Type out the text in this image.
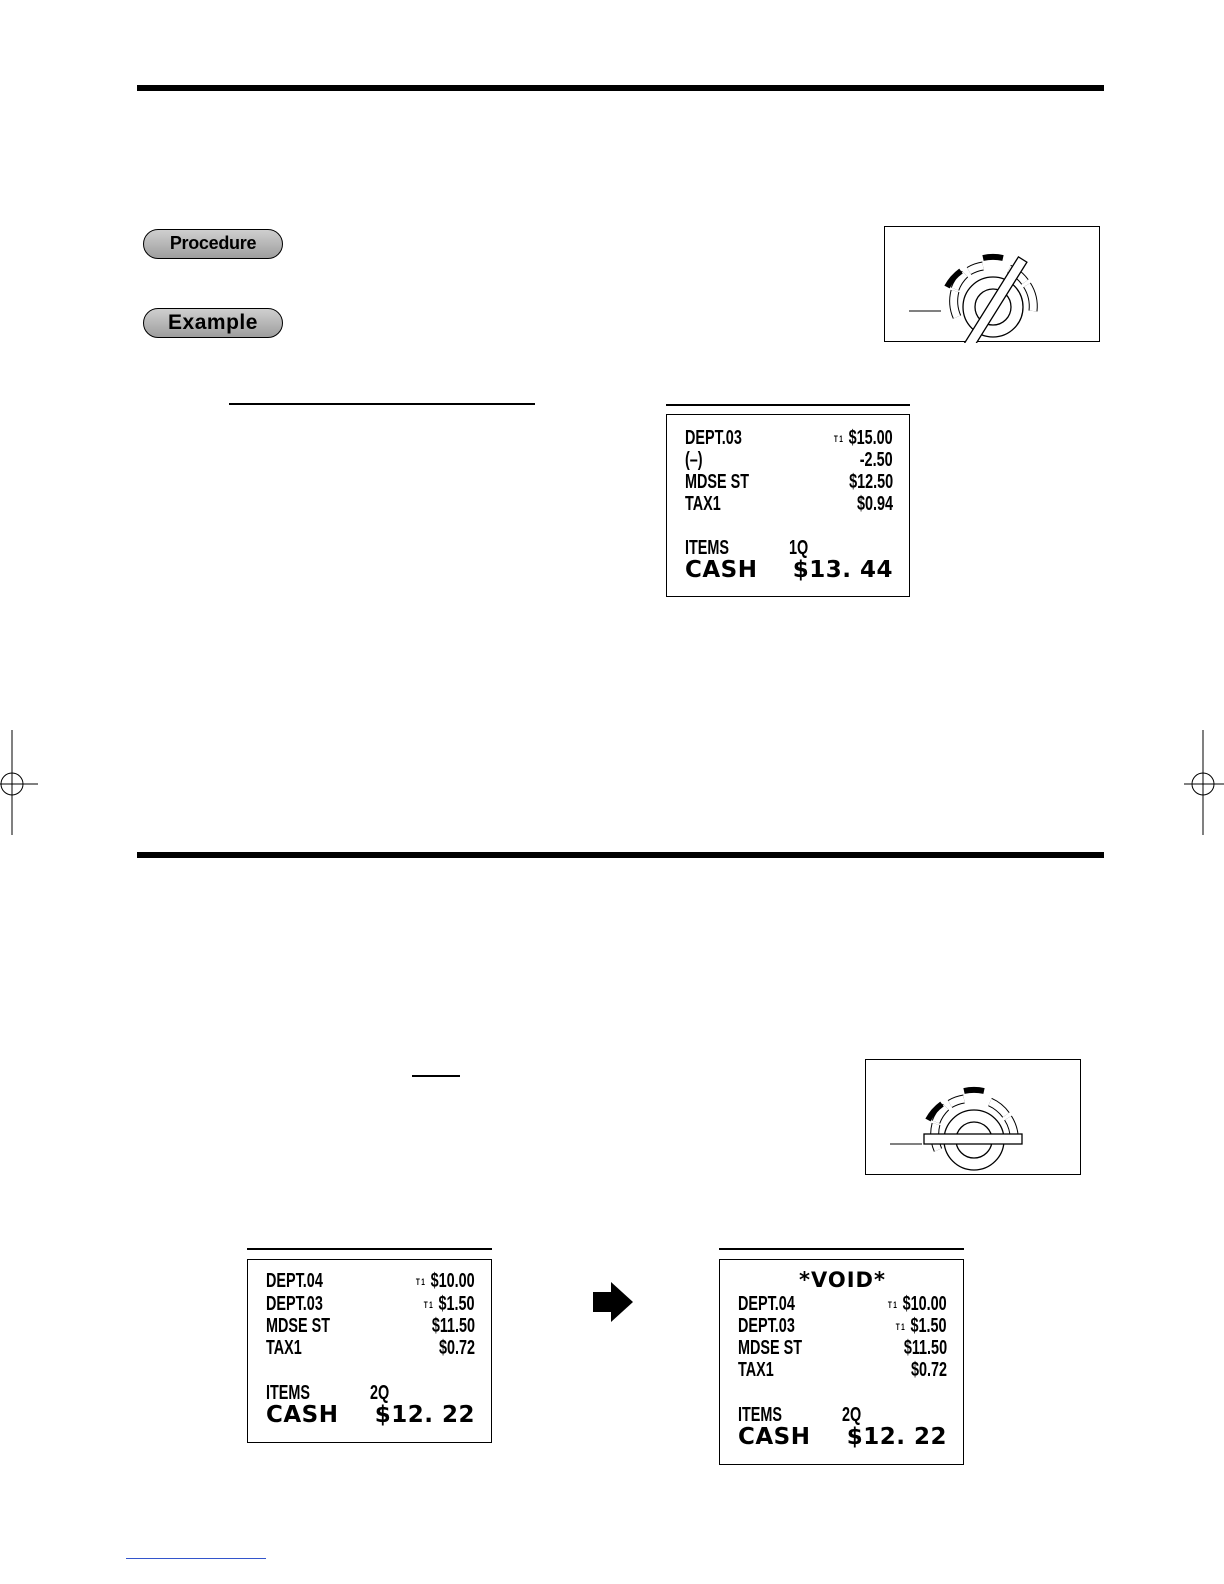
Procedure
Example
DEPT.03	T1 $15.00
(–)	-2.50
MDSE ST	$12.50
TAX1	$0.94
ITEMS	1Q
CASH $13. 44
DEPT.04	T1 $10.00
DEPT.03	T1 $1.50
MDSE ST	$11.50
TAX1	$0.72
ITEMS	2Q
CASH $12. 22
*VOID*
DEPT.04	T1 $10.00
DEPT.03	T1 $1.50
MDSE ST	$11.50
TAX1	$0.72
ITEMS	2Q
CASH $12. 22
